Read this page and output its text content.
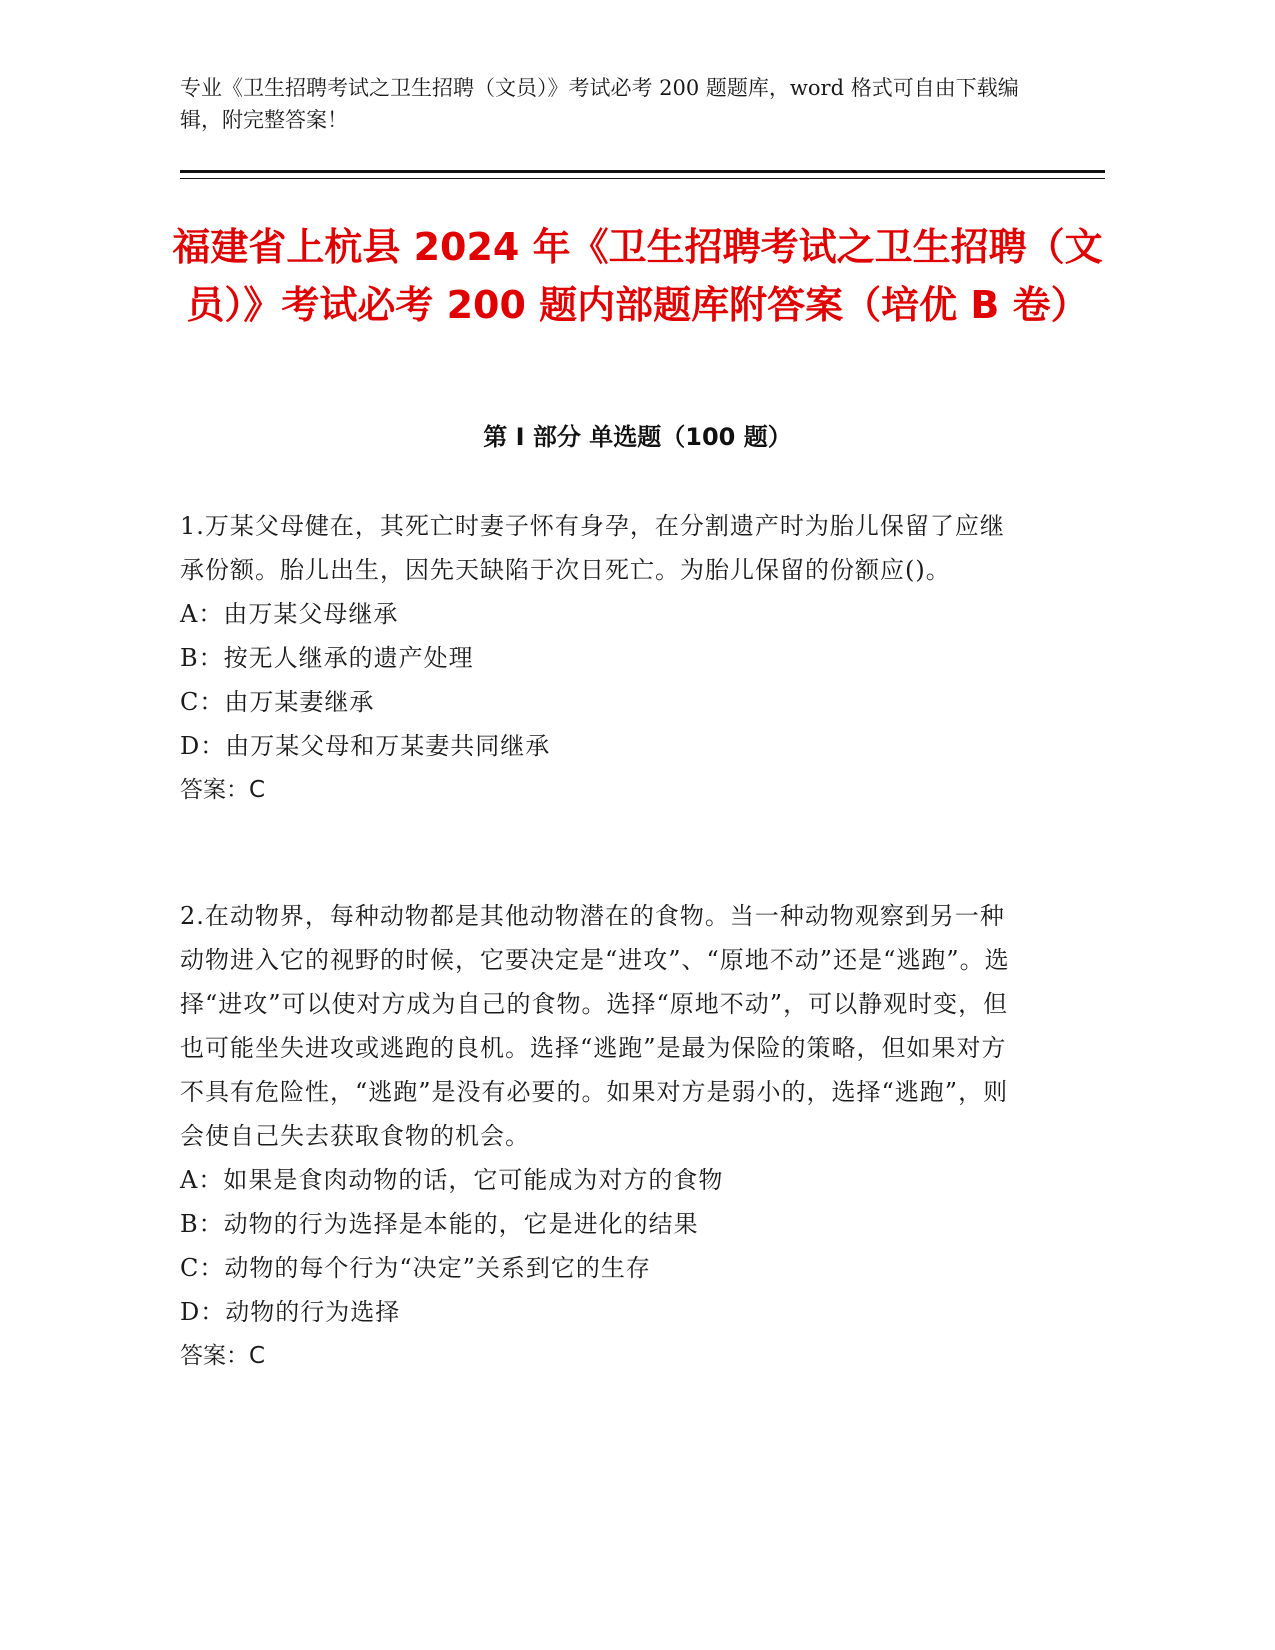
专业《卫生招聘考试之卫生招聘（文员）》考试必考 200 题题库，word 格式可自由下载编辑，附完整答案！
福建省上杭县 2024 年《卫生招聘考试之卫生招聘（文员）》考试必考 200 题内部题库附答案（培优 B 卷）
第 I 部分 单选题（100 题）
1.万某父母健在，其死亡时妻子怀有身孕，在分割遗产时为胎儿保留了应继承份额。胎儿出生，因先天缺陷于次日死亡。为胎儿保留的份额应()。
A：由万某父母继承
B：按无人继承的遗产处理
C：由万某妻继承
D：由万某父母和万某妻共同继承
答案：C
2.在动物界，每种动物都是其他动物潜在的食物。当一种动物观察到另一种动物进入它的视野的时候，它要决定是“进攻”、“原地不动”还是“逃跑”。选择“进攻”可以使对方成为自己的食物。选择“原地不动”，可以静观时变，但也可能坐失进攻或逃跑的良机。选择“逃跑”是最为保险的策略，但如果对方不具有危险性，“逃跑”是没有必要的。如果对方是弱小的，选择“逃跑”，则会使自己失去获取食物的机会。
A：如果是食肉动物的话，它可能成为对方的食物
B：动物的行为选择是本能的，它是进化的结果
C：动物的每个行为“决定”关系到它的生存
D：动物的行为选择
答案：C
